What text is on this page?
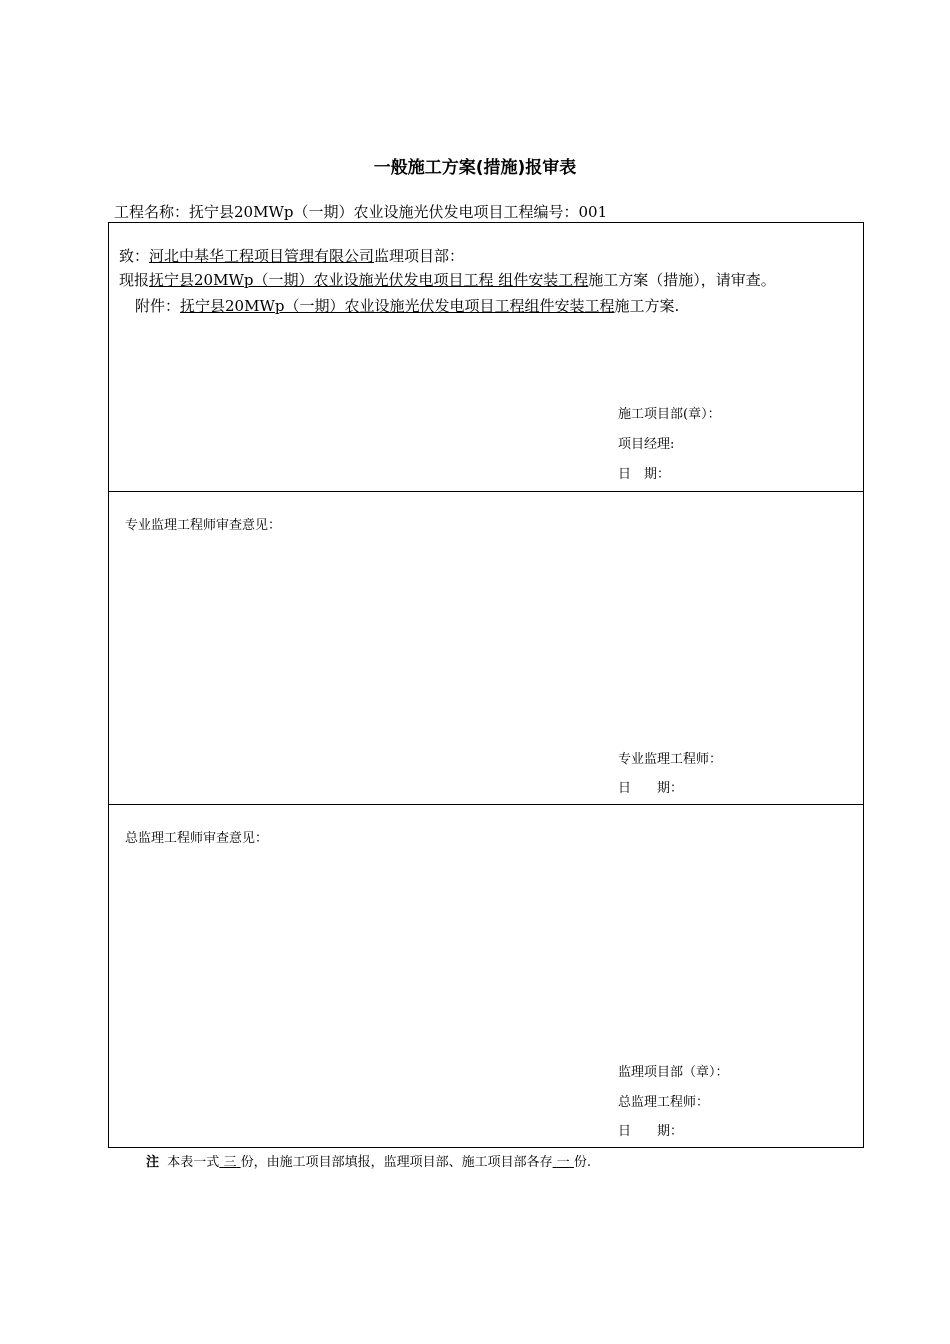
一般施工方案(措施)报审表
工程名称：抚宁县20MWp（一期）农业设施光伏发电项目工程编号：001
致：河北中基华工程项目管理有限公司监理项目部：
现报抚宁县20MWp（一期）农业设施光伏发电项目工程 组件安装工程施工方案（措施），请审查。
附件：抚宁县20MWp（一期）农业设施光伏发电项目工程组件安装工程施工方案.
施工项目部(章）：
项目经理:
日　期：
专业监理工程师审查意见：
专业监理工程师：
日　　期：
总监理工程师审查意见：
监理项目部（章）：
总监理工程师：
日　　期：
注 本表一式 三 份，由施工项目部填报，监理项目部、施工项目部各存 一 份.
